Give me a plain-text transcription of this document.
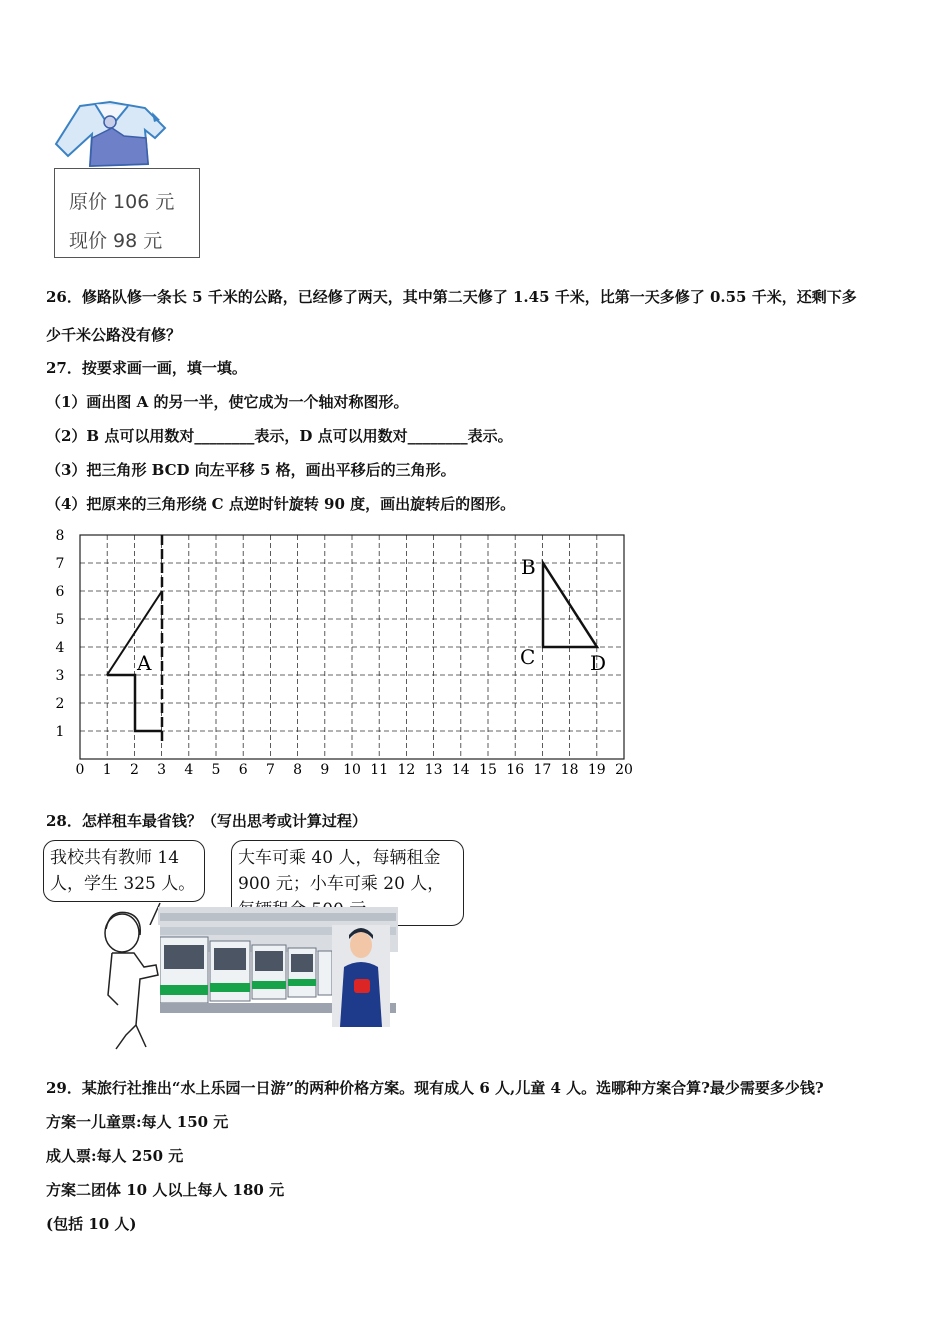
原价 106 元
现价 98 元
26．修路队修一条长 5 千米的公路，已经修了两天，其中第二天修了 1.45 千米，比第一天多修了 0.55 千米，还剩下多
少千米公路没有修？
27．按要求画一画，填一填。
（1）画出图 A 的另一半，使它成为一个轴对称图形。
（2）B 点可以用数对________表示，D 点可以用数对________表示。
（3）把三角形 BCD 向左平移 5 格，画出平移后的三角形。
（4）把原来的三角形绕 C 点逆时针旋转 90 度，画出旋转后的图形。
A
B
C	D
0 1 2 3 4 5 6 7 8 9 10 11 12 13 14 15 16 17 18 19 20
1
2
3
4
5
6
7
8
28．怎样租车最省钱？（写出思考或计算过程）
我校共有教师 14
人，学生 325 人。
大车可乘 40 人，每辆租金
900 元；小车可乘 20 人，
29．某旅行社推出“水上乐园一日游”的两种价格方案。现有成人 6 人,儿童 4 人。选哪种方案合算?最少需要多少钱?
方案一儿童票:每人 150 元
成人票:每人 250 元
方案二团体 10 人以上每人 180 元
(包括 10 人)
